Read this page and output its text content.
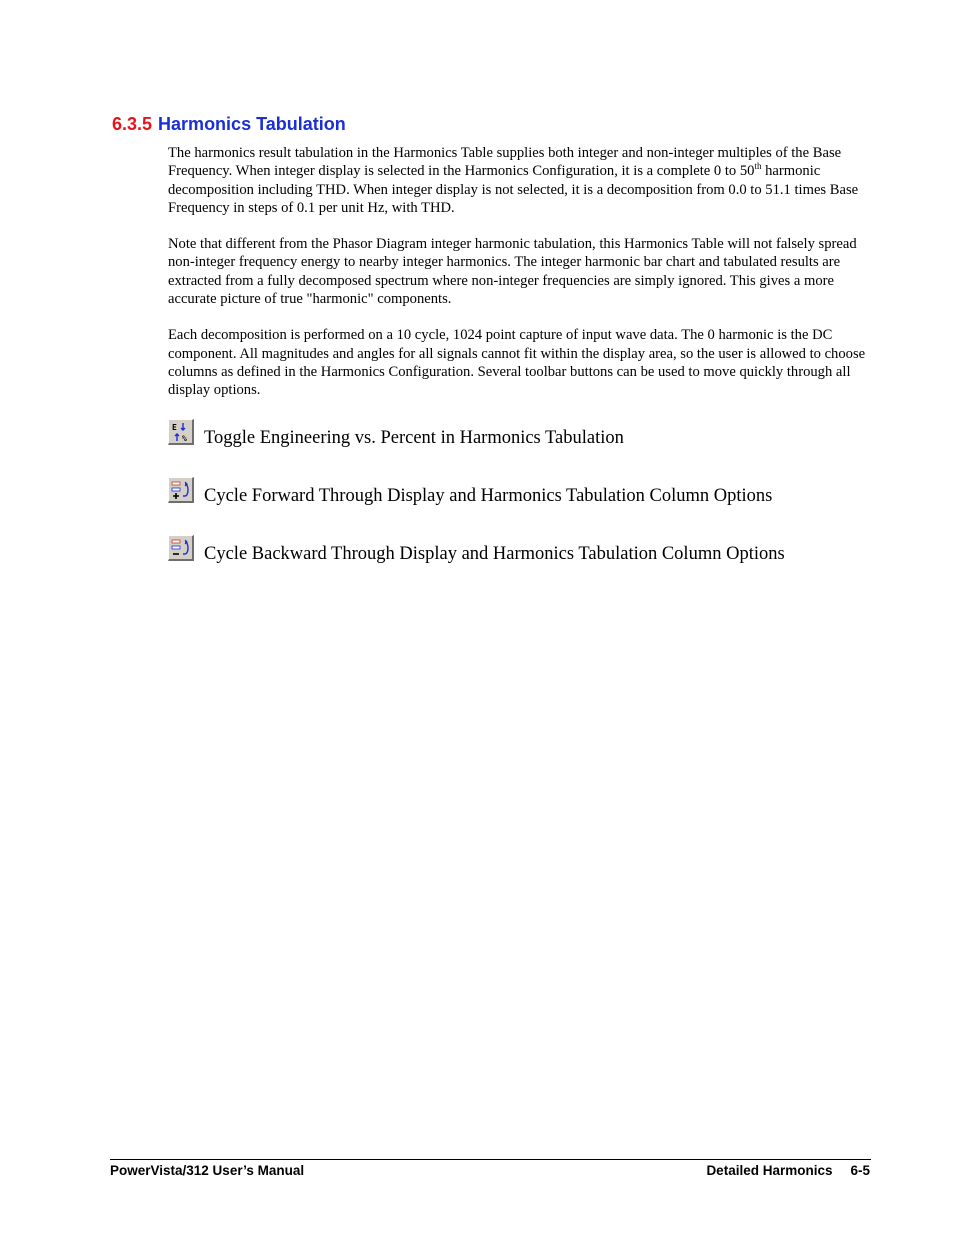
6.3.5 Harmonics Tabulation

The harmonics result tabulation in the Harmonics Table supplies both integer and non-integer multiples of the Base Frequency. When integer display is selected in the Harmonics Configuration, it is a complete 0 to 50th harmonic decomposition including THD. When integer display is not selected, it is a decomposition from 0.0 to 51.1 times Base Frequency in steps of 0.1 per unit Hz, with THD.

Note that different from the Phasor Diagram integer harmonic tabulation, this Harmonics Table will not falsely spread non-integer frequency energy to nearby integer harmonics. The integer harmonic bar chart and tabulated results are extracted from a fully decomposed spectrum where non-integer frequencies are simply ignored. This gives a more accurate picture of true "harmonic" components.

Each decomposition is performed on a 10 cycle, 1024 point capture of input wave data. The 0 harmonic is the DC component. All magnitudes and angles for all signals cannot fit within the display area, so the user is allowed to choose columns as defined in the Harmonics Configuration. Several toolbar buttons can be used to move quickly through all display options.

E
% Toggle Engineering vs. Percent in Harmonics Tabulation
Cycle Forward Through Display and Harmonics Tabulation Column Options
Cycle Backward Through Display and Harmonics Tabulation Column Options
PowerVista/312 User’s Manual	Detailed Harmonics 6-5
